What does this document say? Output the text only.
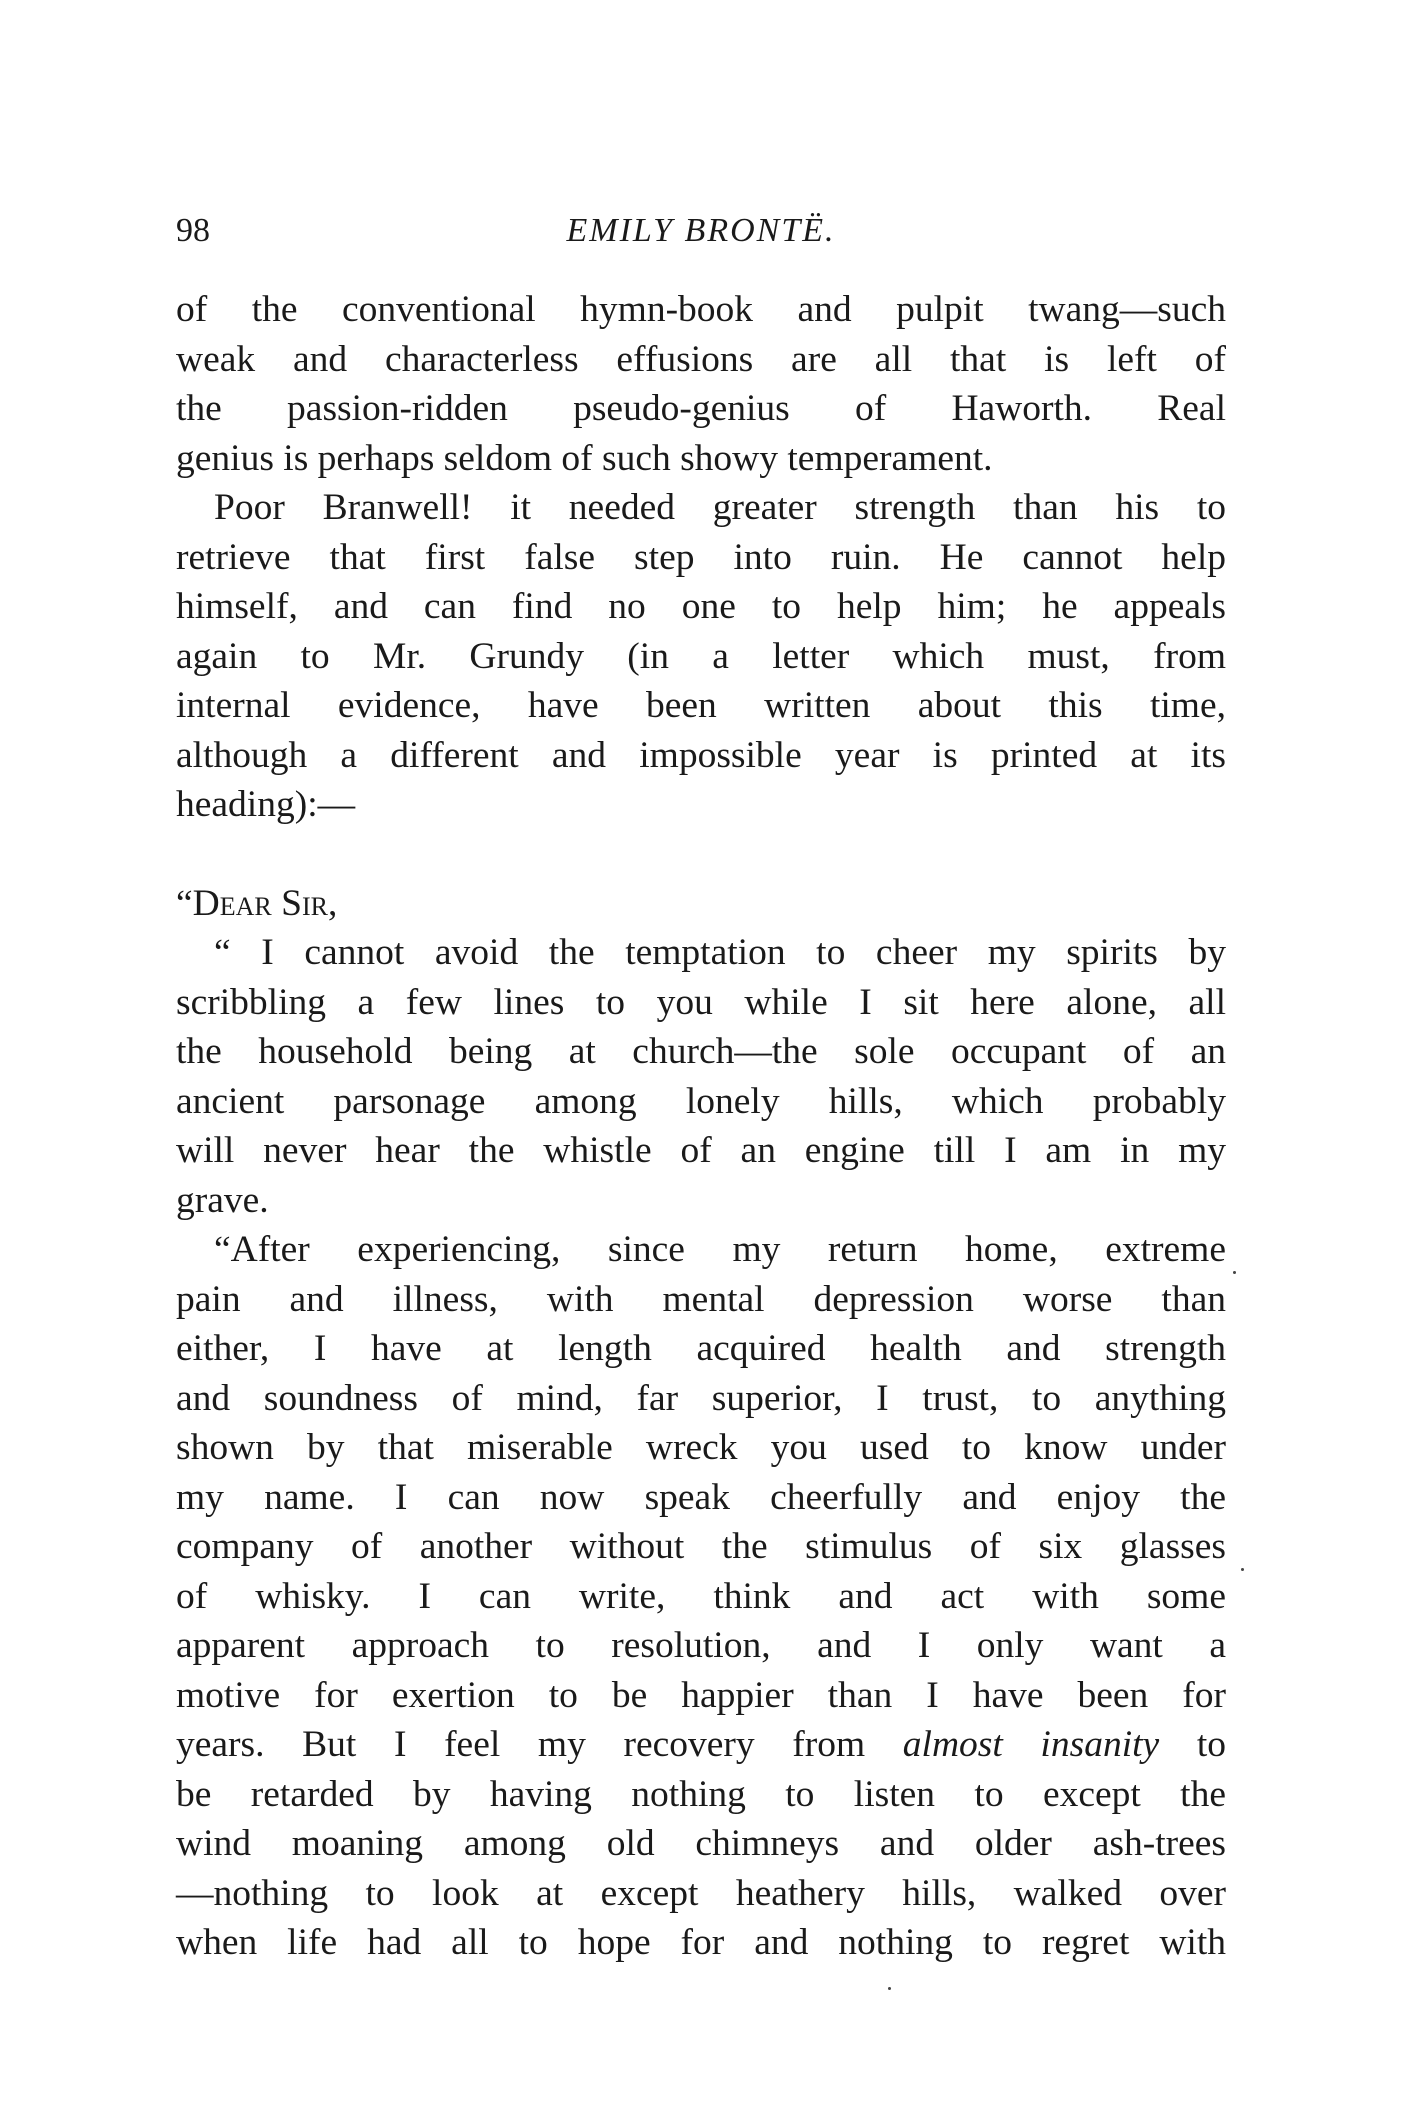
98	EMILY BRONTË.
of the conventional hymn-book and pulpit twang—such
weak and characterless effusions are all that is left of
the passion-ridden pseudo-genius of Haworth. Real
genius is perhaps seldom of such showy temperament.
Poor Branwell! it needed greater strength than his to
retrieve that first false step into ruin. He cannot help
himself, and can find no one to help him; he appeals
again to Mr. Grundy (in a letter which must, from
internal evidence, have been written about this time,
although a different and impossible year is printed at its
heading):—
“Dear Sir,
“ I cannot avoid the temptation to cheer my spirits by
scribbling a few lines to you while I sit here alone, all
the household being at church—the sole occupant of an
ancient parsonage among lonely hills, which probably
will never hear the whistle of an engine till I am in my
grave.
“After experiencing, since my return home, extreme
pain and illness, with mental depression worse than
either, I have at length acquired health and strength
and soundness of mind, far superior, I trust, to anything
shown by that miserable wreck you used to know under
my name. I can now speak cheerfully and enjoy the
company of another without the stimulus of six glasses
of whisky. I can write, think and act with some
apparent approach to resolution, and I only want a
motive for exertion to be happier than I have been for
years. But I feel my recovery from almost insanity to
be retarded by having nothing to listen to except the
wind moaning among old chimneys and older ash-trees
—nothing to look at except heathery hills, walked over
when life had all to hope for and nothing to regret with
